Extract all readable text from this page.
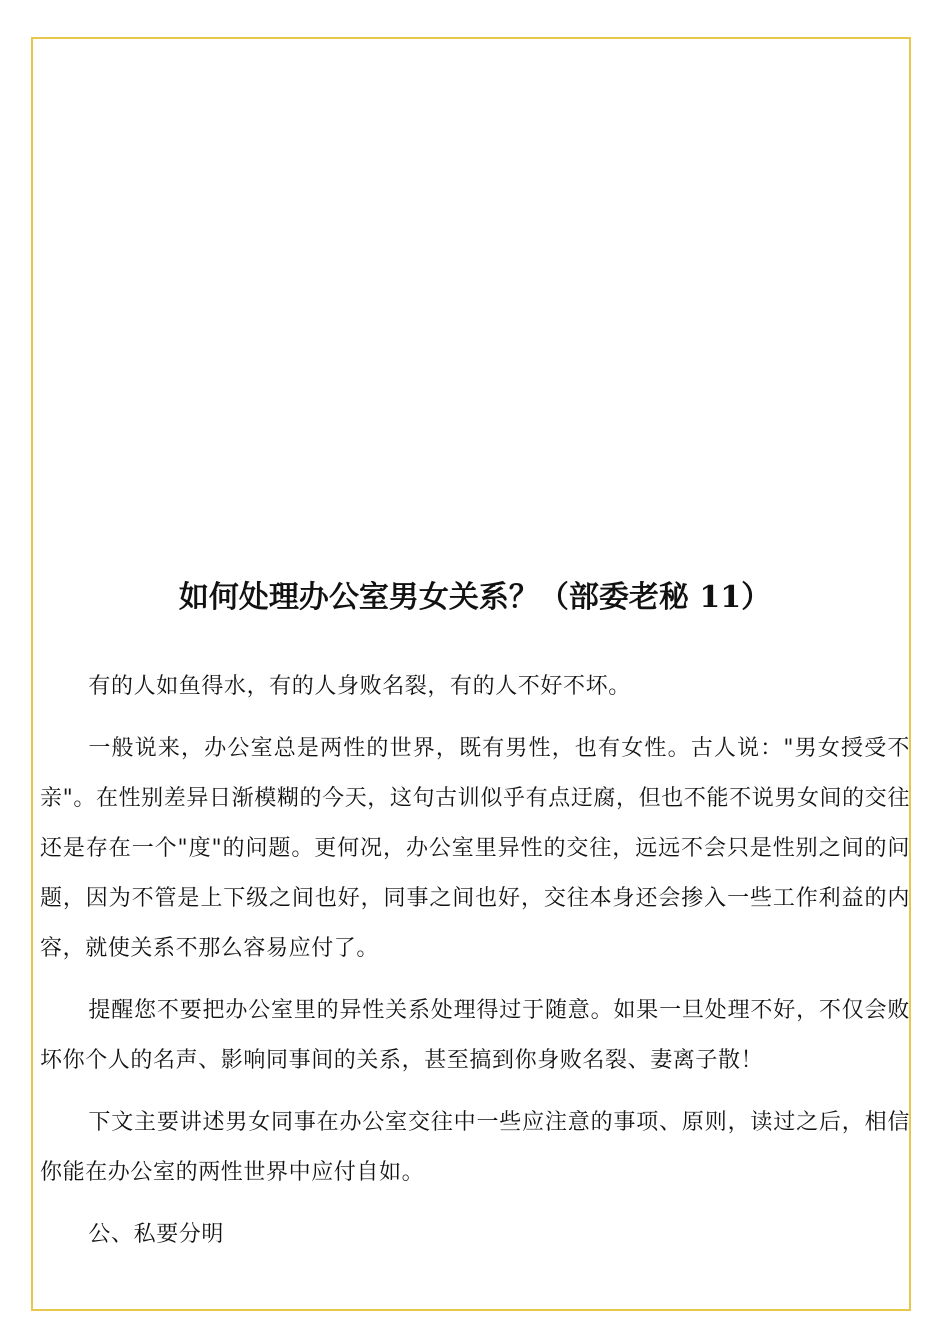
如何处理办公室男女关系？（部委老秘 11）

有的人如鱼得水，有的人身败名裂，有的人不好不坏。

一般说来，办公室总是两性的世界，既有男性，也有女性。古人说："男女授受不亲"。在性别差异日渐模糊的今天，这句古训似乎有点迂腐，但也不能不说男女间的交往还是存在一个"度"的问题。更何况，办公室里异性的交往，远远不会只是性别之间的问题，因为不管是上下级之间也好，同事之间也好，交往本身还会掺入一些工作利益的内容，就使关系不那么容易应付了。

提醒您不要把办公室里的异性关系处理得过于随意。如果一旦处理不好，不仅会败坏你个人的名声、影响同事间的关系，甚至搞到你身败名裂、妻离子散！

下文主要讲述男女同事在办公室交往中一些应注意的事项、原则，读过之后，相信你能在办公室的两性世界中应付自如。

公、私要分明
